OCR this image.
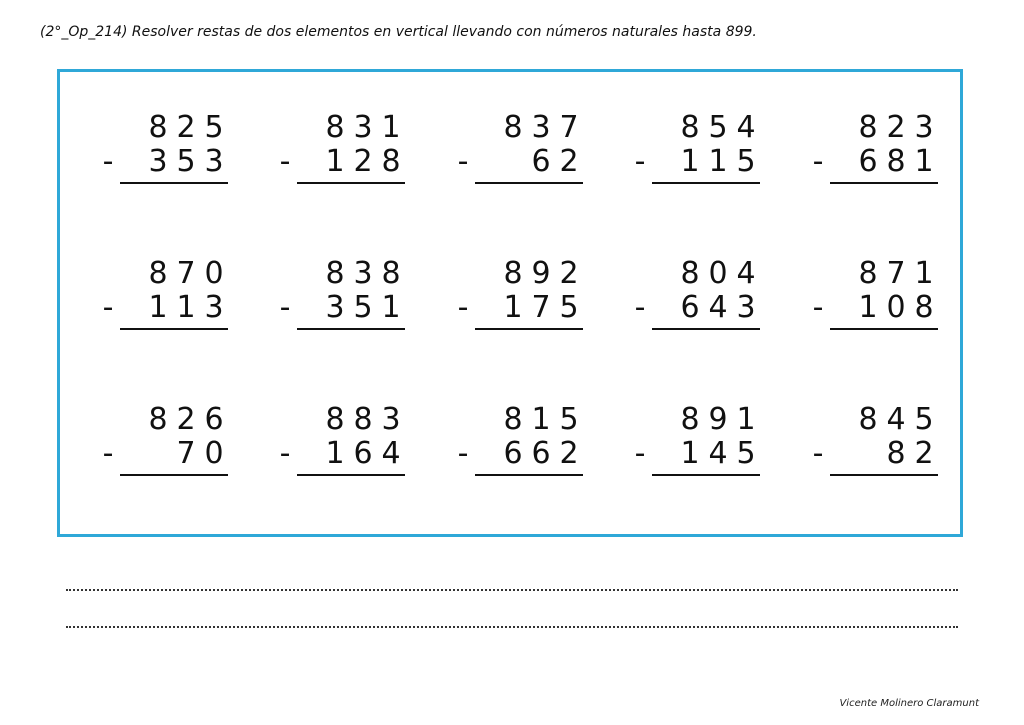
(2°_Op_214) Resolver restas de dos elementos en vertical llevando con números naturales hasta 899.
8 2 5
- 3 5 3
8 3 1
- 1 2 8
8 3 7
- 6 2
8 5 4
- 1 1 5
8 2 3
- 6 8 1
8 7 0
- 1 1 3
8 3 8
- 3 5 1
8 9 2
- 1 7 5
8 0 4
- 6 4 3
8 7 1
- 1 0 8
8 2 6
- 7 0
8 8 3
- 1 6 4
8 1 5
- 6 6 2
8 9 1
- 1 4 5
8 4 5
- 8 2
Vicente Molinero Claramunt
